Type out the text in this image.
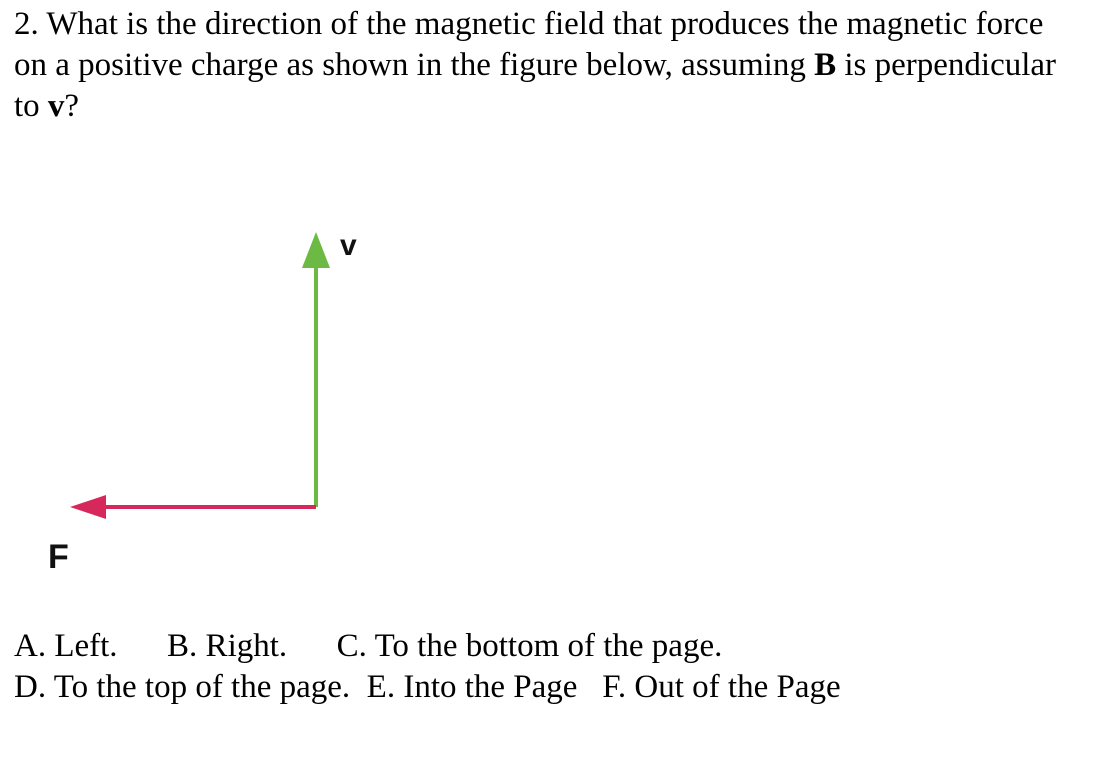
2. What is the direction of the magnetic field that produces the magnetic force on a positive charge as shown in the figure below, assuming B is perpendicular to v?
v
F
A. Left. B. Right. C. To the bottom of the page.
D. To the top of the page. E. Into the Page F. Out of the Page
